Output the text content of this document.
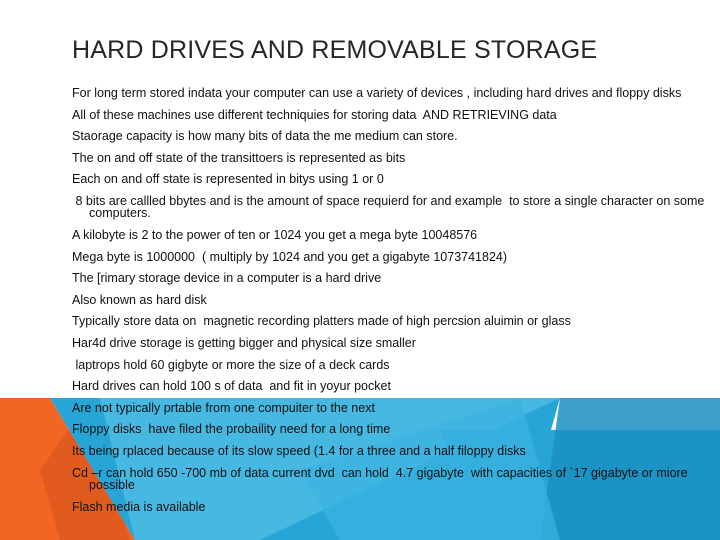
HARD DRIVES AND REMOVABLE STORAGE
For long term stored indata your computer can use a variety of devices , including hard drives and floppy disks
All of these machines use different techniquies for storing data  AND RETRIEVING data
Staorage capacity is how many bits of data the me medium can store.
The on and off state of the transittoers is represented as bits
Each on and off state is represented in bitys using 1 or 0
8 bits are callled bbytes and is the amount of space requierd for and example  to store a single character on some computers.
A kilobyte is 2 to the power of ten or 1024 you get a mega byte 10048576
Mega byte is 1000000  ( multiply by 1024 and you get a gigabyte 1073741824)
The [rimary storage device in a computer is a hard drive
Also known as hard disk
Typically store data on  magnetic recording platters made of high percsion aluimin or glass
Har4d drive storage is getting bigger and physical size smaller
laptrops hold 60 gigbyte or more the size of a deck cards
Hard drives can hold 100 s of data  and fit in yoyur pocket
Are not typically prtable from one compuiter to the next
Floppy disks  have filed the probaility need for a long time
Its being rplaced because of its slow speed (1.4 for a three and a half filoppy disks
Cd –r can hold 650 -700 mb of data current dvd  can hold  4.7 gigabyte  with capacities of `17 gigabyte or miore possible
Flash media is available
